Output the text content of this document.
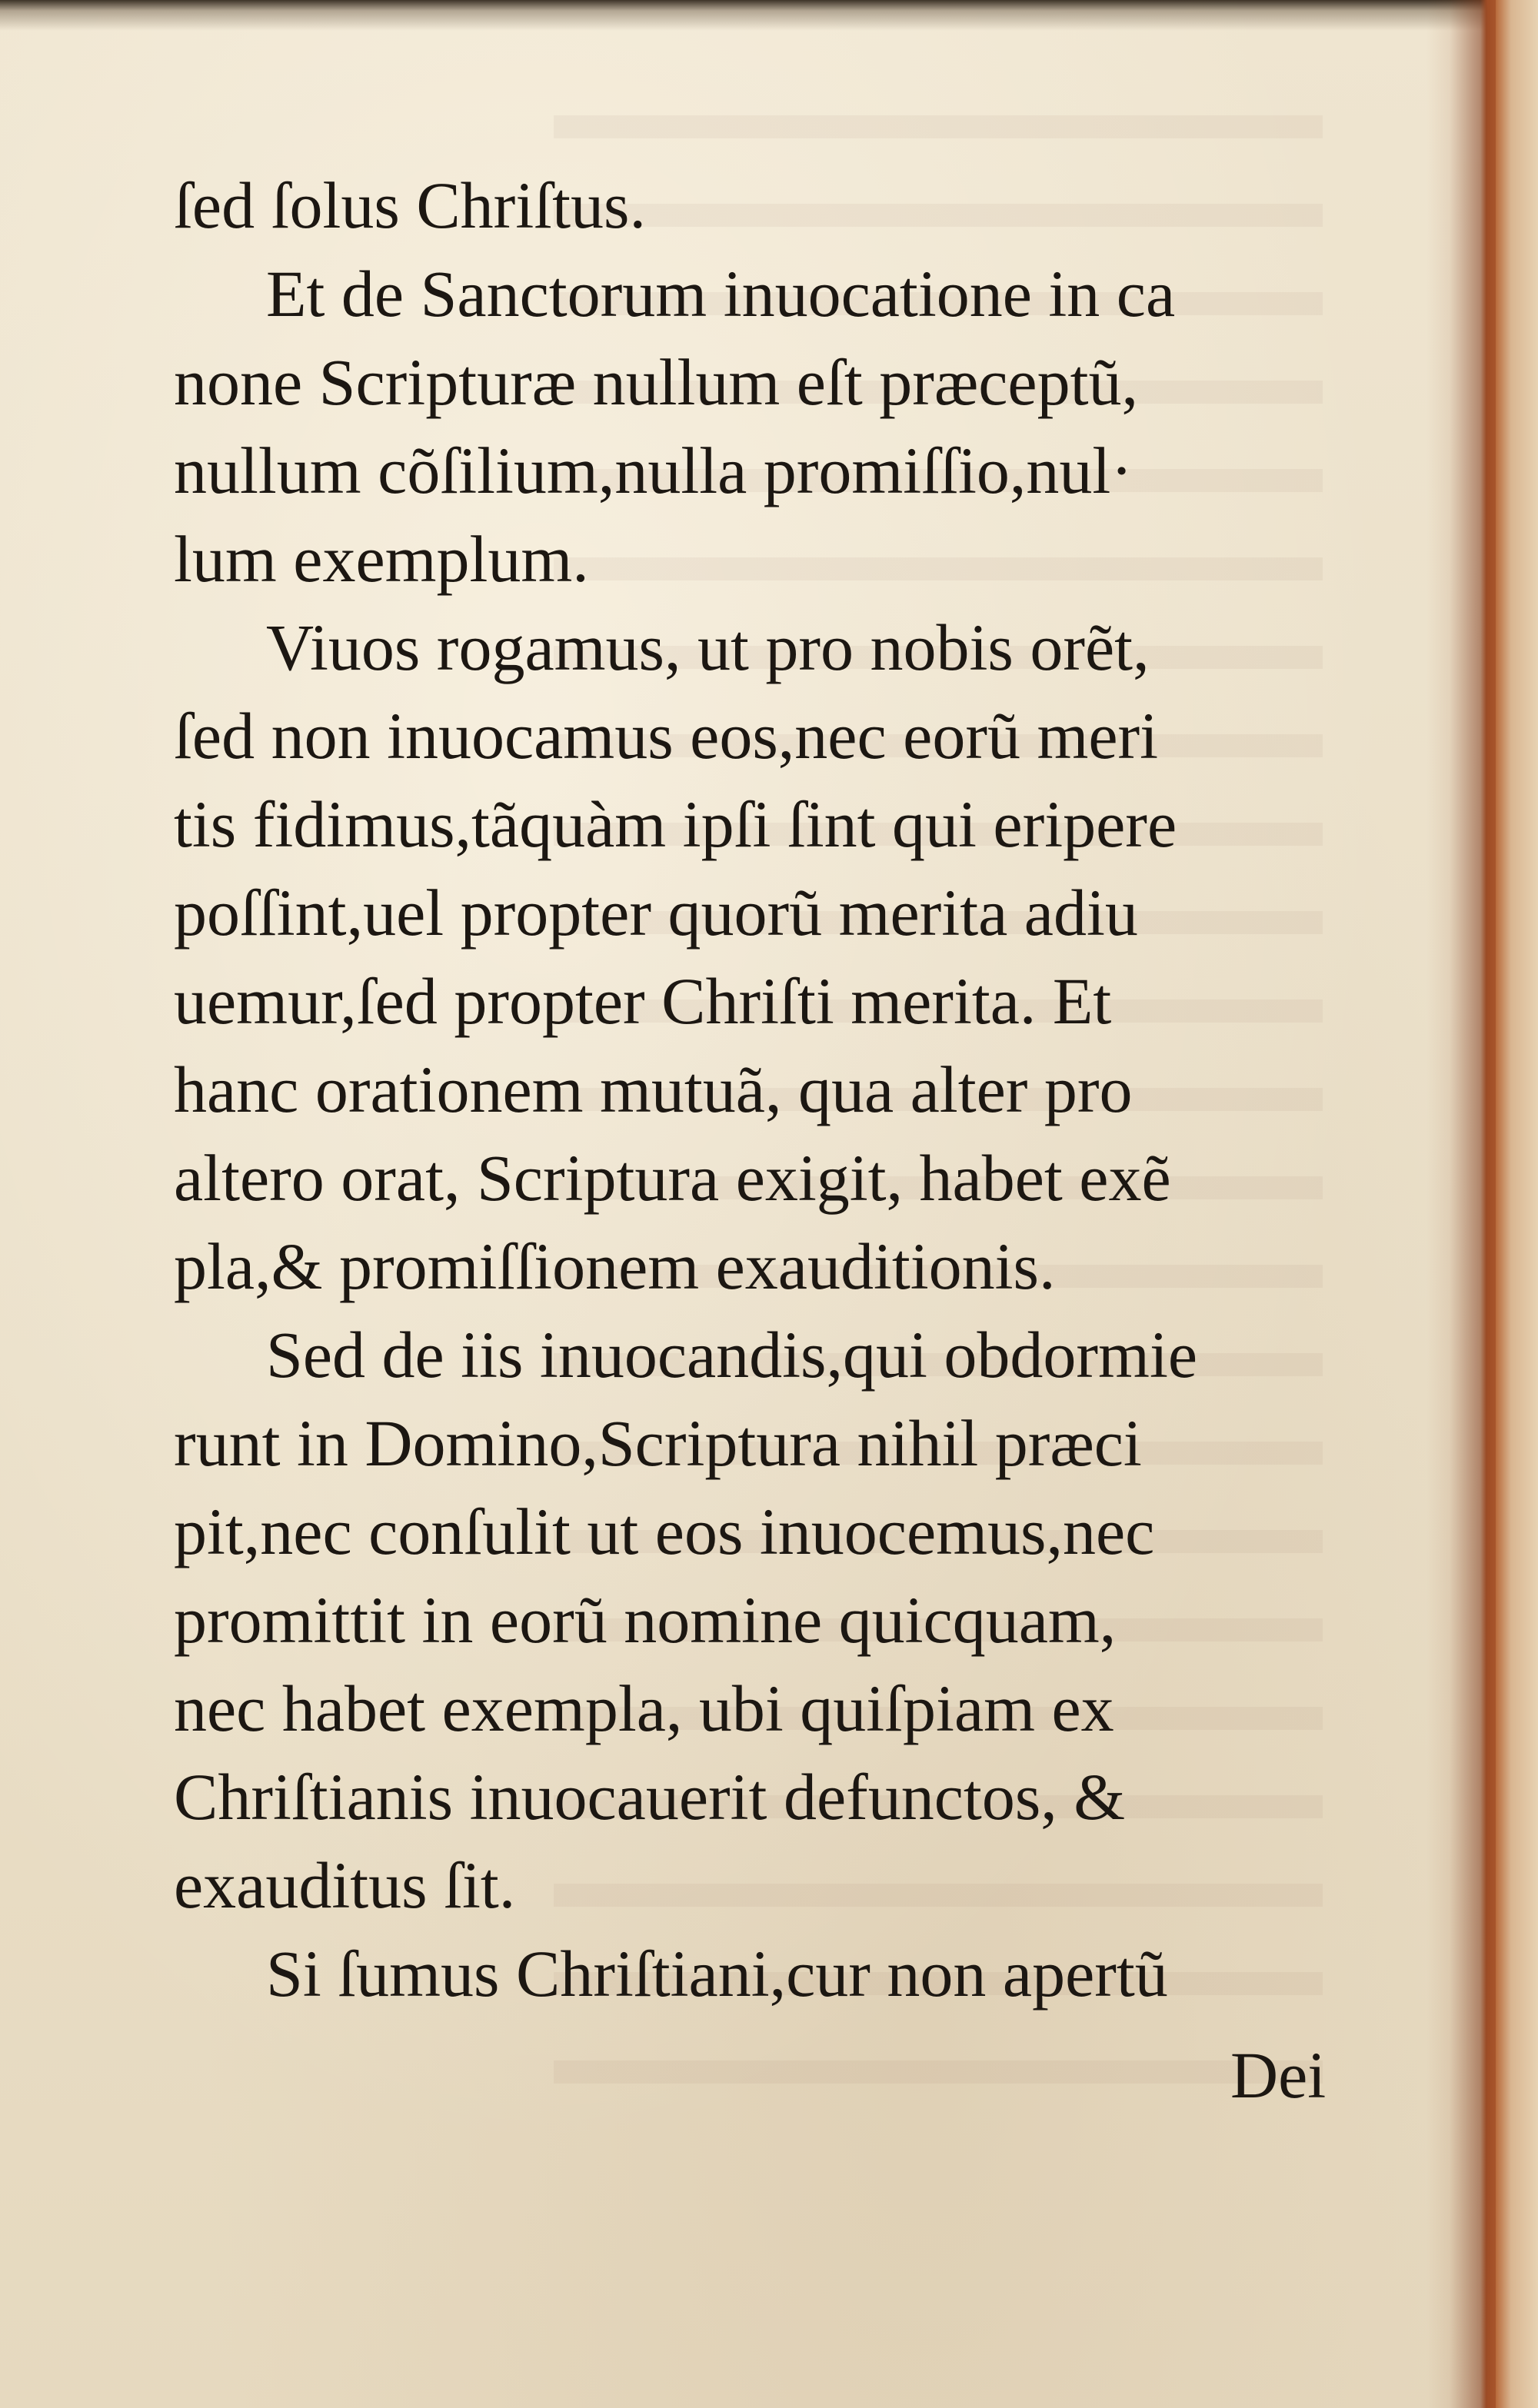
ſed ſolus Chriſtus.
Et de Sanctorum inuocatione in ca
none Scripturæ nullum eſt præceptũ,
nullum cõſilium,nulla promiſſio,nul·
lum exemplum.
Viuos rogamus, ut pro nobis orẽt,
ſed non inuocamus eos,nec eorũ meri
tis fidimus,tãquàm ipſi ſint qui eripere
poſſint,uel propter quorũ merita adiu
uemur,ſed propter Chriſti merita. Et
hanc orationem mutuã, qua alter pro
altero orat, Scriptura exigit, habet exẽ
pla,& promiſſionem exauditionis.
Sed de iis inuocandis,qui obdormie
runt in Domino,Scriptura nihil præci
pit,nec conſulit ut eos inuocemus,nec
promittit in eorũ nomine quicquam,
nec habet exempla, ubi quiſpiam ex
Chriſtianis inuocauerit defunctos, &
exauditus ſit.
Si ſumus Chriſtiani,cur non apertũ
Dei
